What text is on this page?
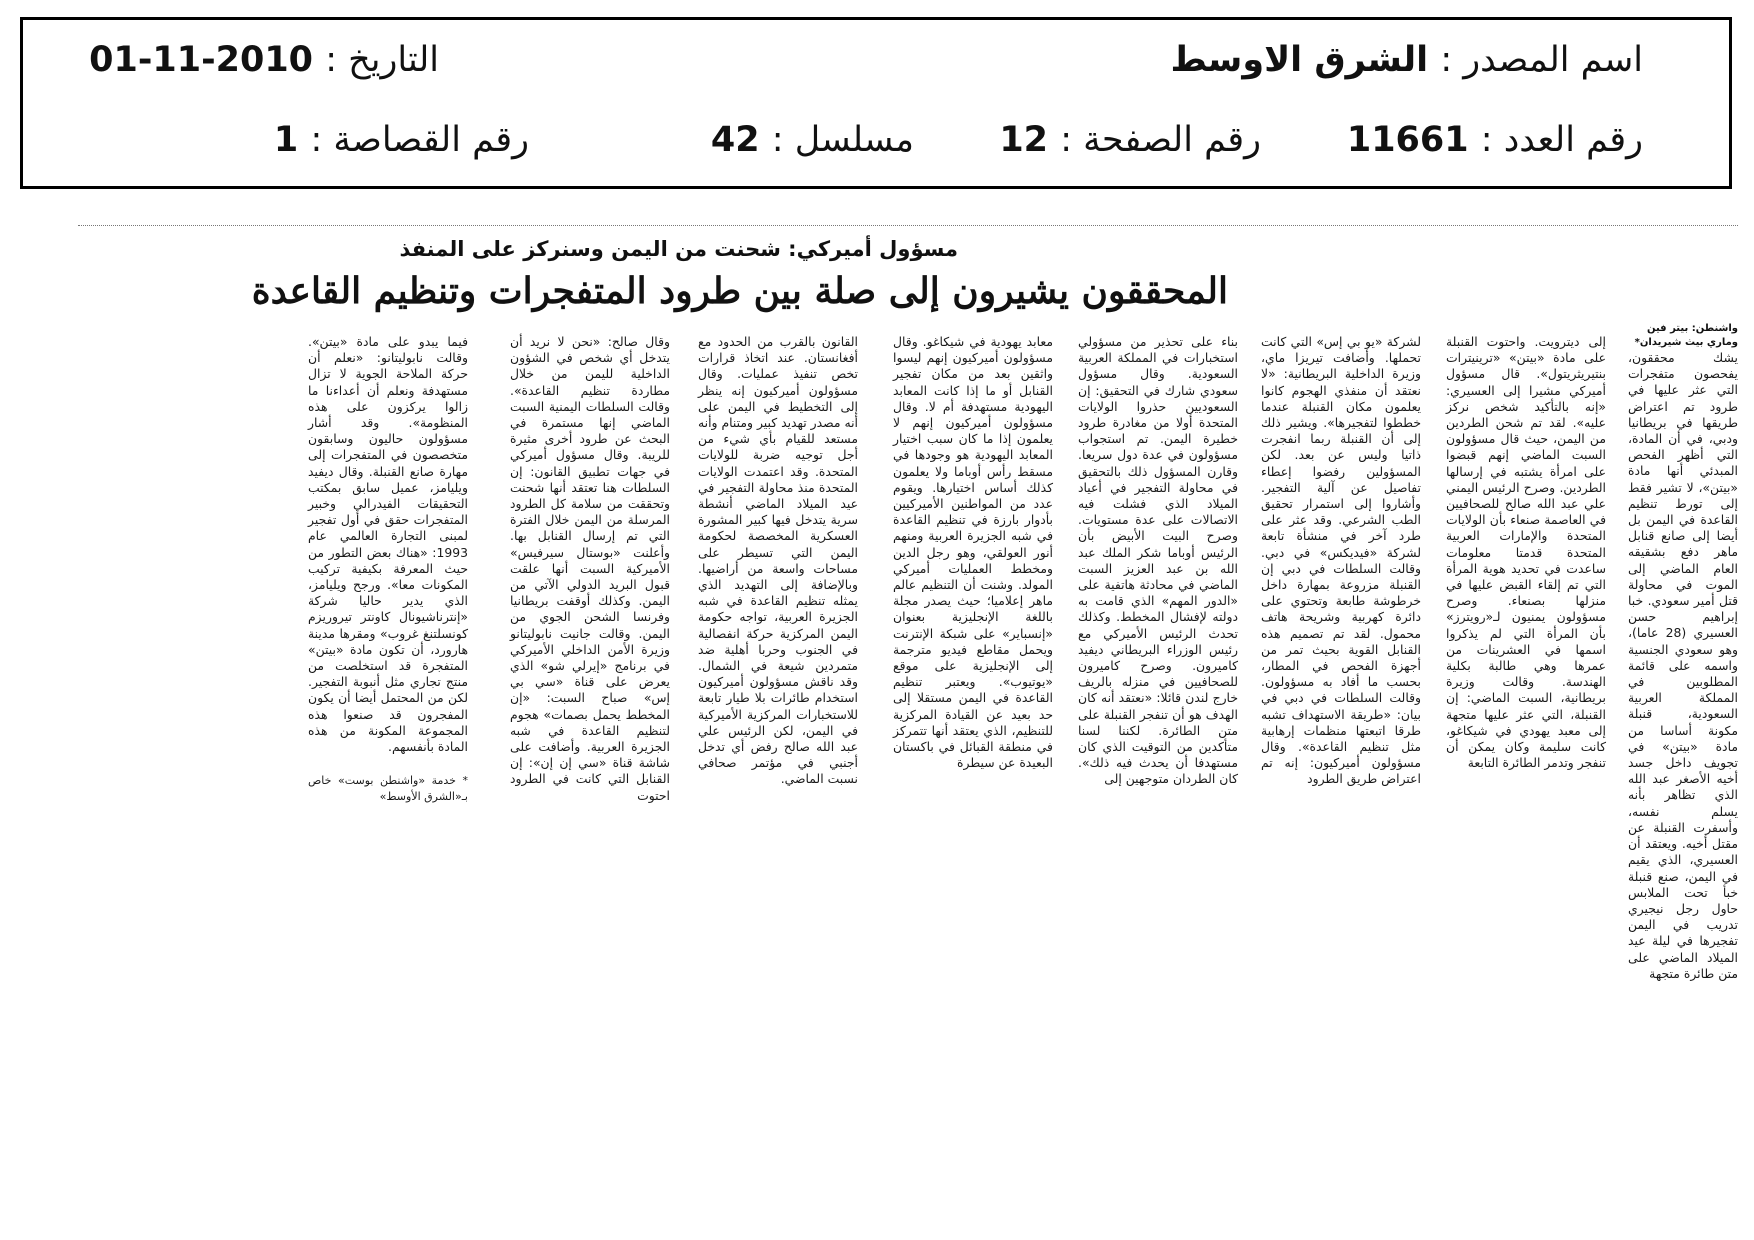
اسم المصدر : الشرق الاوسط
التاريخ : 2010-11-01
رقم العدد : 11661
رقم الصفحة : 12
مسلسل : 42
رقم القصاصة : 1
مسؤول أميركي: شحنت من اليمن وسنركز على المنفذ
المحققون يشيرون إلى صلة بين طرود المتفجرات وتنظيم القاعدة
واشنطن: بيتر فين وماري بيث شيريدان*

يشك محققون، يفحصون متفجرات التي عثر عليها في طرود تم اعتراض طريقها في بريطانيا ودبي، في أن المادة، التي أظهر الفحص المبدئي أنها مادة «بيتن»، لا تشير فقط إلى تورط تنظيم القاعدة في اليمن بل أيضا إلى صانع قنابل ماهر دفع بشقيقه العام الماضي إلى الموت في محاولة قتل أمير سعودي. خبا إبراهيم حسن العسيري (28 عاما)، وهو سعودي الجنسية واسمه على قائمة المطلوبين في المملكة العربية السعودية، قنبلة مكونة أساسا من مادة «بيتن» في تجويف داخل جسد أخيه الأصغر عبد الله الذي تظاهر بأنه يسلم نفسه، وأسفرت القنبلة عن مقتل أخيه. ويعتقد أن العسيري، الذي يقيم في اليمن، صنع قنبلة خبأ تحت الملابس حاول رجل نيجيري تدريب في اليمن تفجيرها في ليلة عيد الميلاد الماضي على متن طائرة متجهة

إلى ديترويت. واحتوت القنبلة على مادة «بيتن» «ترينيترات بنتيريثريتول». قال مسؤول أميركي مشيرا إلى العسيري: «إنه بالتأكيد شخص نركز عليه». لقد تم شحن الطردين من اليمن، حيث قال مسؤولون السبت الماضي إنهم قبضوا على امرأة يشتبه في إرسالها الطردين. وصرح الرئيس اليمني علي عبد الله صالح للصحافيين في العاصمة صنعاء بأن الولايات المتحدة والإمارات العربية المتحدة قدمتا معلومات ساعدت في تحديد هوية المرأة التي تم إلقاء القبض عليها في منزلها بصنعاء. وصرح مسؤولون يمنيون لـ«رويترز» بأن المرأة التي لم يذكروا اسمها في العشرينات من عمرها وهي طالبة بكلية الهندسة. وقالت وزيرة بريطانية، السبت الماضي: إن القنبلة، التي عثر عليها متجهة إلى معبد يهودي في شيكاغو، كانت سليمة وكان يمكن أن تنفجر وتدمر الطائرة التابعة

لشركة «يو بي إس» التي كانت تحملها. وأضافت تيريزا ماي، وزيرة الداخلية البريطانية: «لا نعتقد أن منفذي الهجوم كانوا يعلمون مكان القنبلة عندما خططوا لتفجيرها». ويشير ذلك إلى أن القنبلة ربما انفجرت ذاتيا وليس عن بعد. لكن المسؤولين رفضوا إعطاء تفاصيل عن آلية التفجير. وأشاروا إلى استمرار تحقيق الطب الشرعي. وقد عثر على طرد آخر في منشأة تابعة لشركة «فيديكس» في دبي. وقالت السلطات في دبي إن القنبلة مزروعة بمهارة داخل خرطوشة طابعة وتحتوي على دائرة كهربية وشريحة هاتف محمول. لقد تم تصميم هذه القنابل القوية بحيث تمر من أجهزة الفحص في المطار، بحسب ما أفاد به مسؤولون. وقالت السلطات في دبي في بيان: «طريقة الاستهداف تشبه طرقا اتبعتها منظمات إرهابية مثل تنظيم القاعدة». وقال مسؤولون أميركيون: إنه تم اعتراض طريق الطرود

بناء على تحذير من مسؤولي استخبارات في المملكة العربية السعودية. وقال مسؤول سعودي شارك في التحقيق: إن السعوديين حذروا الولايات المتحدة أولا من مغادرة طرود خطيرة اليمن. تم استجواب مسؤولون في عدة دول سريعا. وقارن المسؤول ذلك بالتحقيق في محاولة التفجير في أعياد الميلاد الذي فشلت فيه الاتصالات على عدة مستويات. وصرح البيت الأبيض بأن الرئيس أوباما شكر الملك عبد الله بن عبد العزيز السبت الماضي في محادثة هاتفية على «الدور المهم» الذي قامت به دولته لإفشال المخطط. وكذلك تحدث الرئيس الأميركي مع رئيس الوزراء البريطاني ديفيد كاميرون. وصرح كاميرون للصحافيين في منزله بالريف خارج لندن قائلا: «نعتقد أنه كان الهدف هو أن تنفجر القنبلة على متن الطائرة. لكننا لسنا متأكدين من التوقيت الذي كان مستهدفا أن يحدث فيه ذلك». كان الطردان متوجهين إلى

معابد يهودية في شيكاغو. وقال مسؤولون أميركيون إنهم ليسوا واثقين بعد من مكان تفجير القنابل أو ما إذا كانت المعابد اليهودية مستهدفة أم لا. وقال مسؤولون أميركيون إنهم لا يعلمون إذا ما كان سبب اختيار المعابد اليهودية هو وجودها في مسقط رأس أوباما ولا يعلمون كذلك أساس اختيارها. ويقوم عدد من المواطنين الأميركيين بأدوار بارزة في تنظيم القاعدة في شبه الجزيرة العربية ومنهم أنور العولقي، وهو رجل الدين ومخطط العمليات أميركي المولد. وشنت أن التنظيم عالم ماهر إعلاميا؛ حيث يصدر مجلة باللغة الإنجليزية بعنوان «إنسباير» على شبكة الإنترنت ويحمل مقاطع فيديو مترجمة إلى الإنجليزية على موقع «يوتيوب». ويعتبر تنظيم القاعدة في اليمن مستقلا إلى حد بعيد عن القيادة المركزية للتنظيم، الذي يعتقد أنها تتمركز في منطقة القبائل في باكستان البعيدة عن سيطرة

القانون بالقرب من الحدود مع أفغانستان. عند اتخاذ قرارات تخص تنفيذ عمليات. وقال مسؤولون أميركيون إنه ينظر إلى التخطيط في اليمن على أنه مصدر تهديد كبير ومتنام وأنه مستعد للقيام بأي شيء من أجل توجيه ضربة للولايات المتحدة. وقد اعتمدت الولايات المتحدة منذ محاولة التفجير في عيد الميلاد الماضي أنشطة سرية يتدخل فيها كبير المشورة العسكرية المخصصة لحكومة اليمن التي تسيطر على مساحات واسعة من أراضيها. وبالإضافة إلى التهديد الذي يمثله تنظيم القاعدة في شبه الجزيرة العربية، تواجه حكومة اليمن المركزية حركة انفصالية في الجنوب وحربا أهلية ضد متمردين شيعة في الشمال. وقد ناقش مسؤولون أميركيون استخدام طائرات بلا طيار تابعة للاستخبارات المركزية الأميركية في اليمن، لكن الرئيس علي عبد الله صالح رفض أي تدخل أجنبي في مؤتمر صحافي نسبت الماضي.

وقال صالح: «نحن لا نريد أن يتدخل أي شخص في الشؤون الداخلية لليمن من خلال مطاردة تنظيم القاعدة». وقالت السلطات اليمنية السبت الماضي إنها مستمرة في البحث عن طرود أخرى مثيرة للريبة. وقال مسؤول أميركي في جهات تطبيق القانون: إن السلطات هنا تعتقد أنها شحنت وتحققت من سلامة كل الطرود المرسلة من اليمن خلال الفترة التي تم إرسال القنابل بها. وأعلنت «بوستال سيرفيس» الأميركية السبت أنها علقت قبول البريد الدولي الآتي من اليمن. وكذلك أوقفت بريطانيا وفرنسا الشحن الجوي من اليمن. وقالت جانيت نابوليتانو وزيرة الأمن الداخلي الأميركي في برنامج «إيرلي شو» الذي يعرض على قناة «سي بي إس» صباح السبت: «إن المخطط يحمل بصمات» هجوم لتنظيم القاعدة في شبه الجزيرة العربية. وأضافت على شاشة قناة «سي إن إن»: إن القنابل التي كانت في الطرود احتوت

فيما يبدو على مادة «بيتن». وقالت نابوليتانو: «نعلم أن حركة الملاحة الجوية لا تزال مستهدفة ونعلم أن أعداءنا ما زالوا يركزون على هذه المنظومة». وقد أشار مسؤولون حاليون وسابقون متخصصون في المتفجرات إلى مهارة صانع القنبلة. وقال ديفيد ويليامز، عميل سابق بمكتب التحقيقات الفيدرالي وخبير المتفجرات حقق في أول تفجير لمبنى التجارة العالمي عام 1993: «هناك بعض التطور من حيث المعرفة بكيفية تركيب المكونات معا». ورجح ويليامز، الذي يدير حاليا شركة «إنترناشيونال كاونتر تيروريزم كونسلتنغ غروب» ومقرها مدينة هارورد، أن تكون مادة «بيتن» المتفجرة قد استخلصت من منتج تجاري مثل أنبوبة التفجير. لكن من المحتمل أيضا أن يكون المفجرون قد صنعوا هذه المجموعة المكونة من هذه المادة بأنفسهم.

* خدمة «واشنطن بوست» خاص بـ«الشرق الأوسط»
